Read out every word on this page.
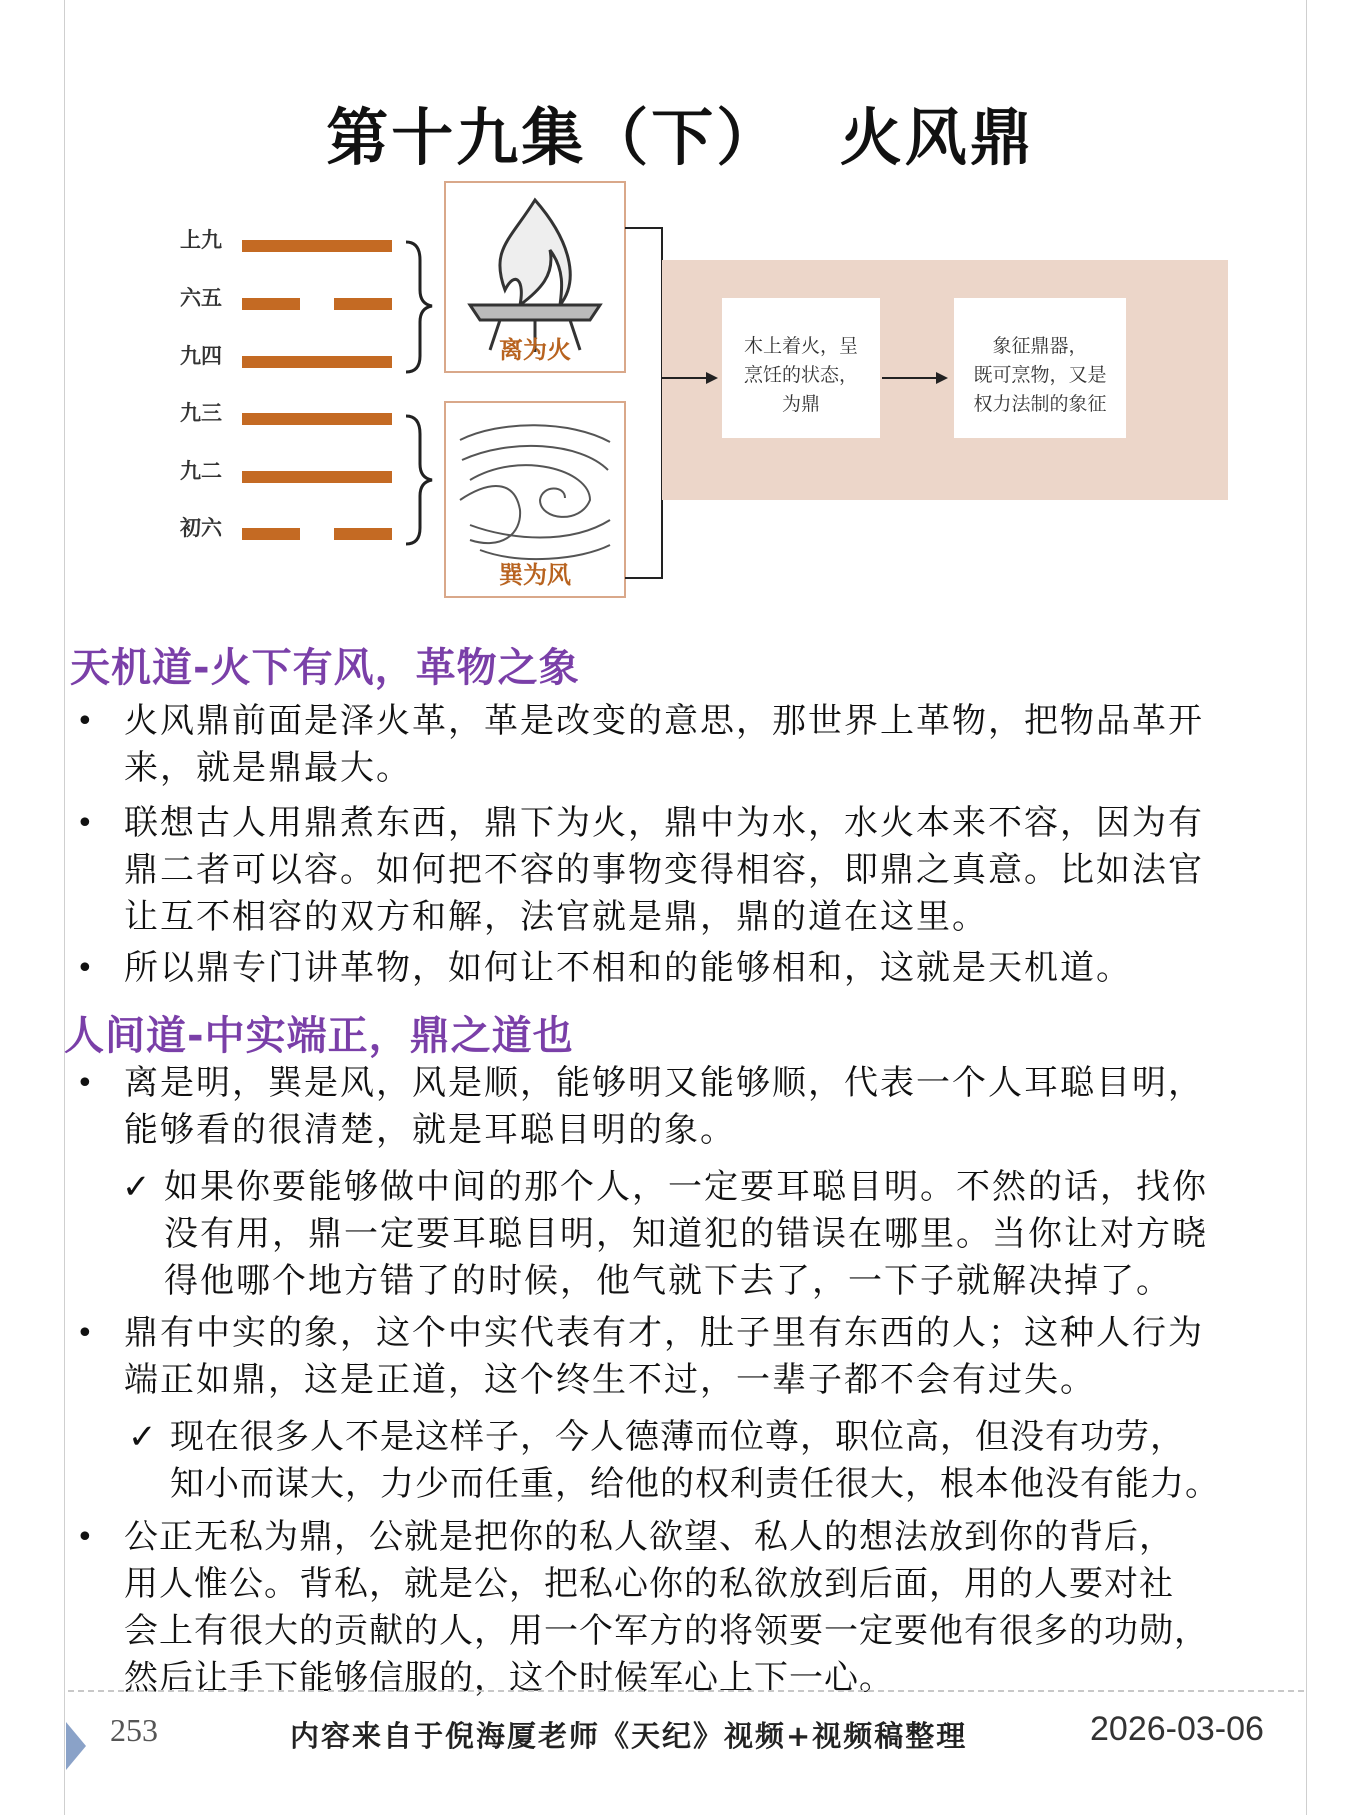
第十九集（下）　 火风鼎
上九
六五
九四
九三
九二
初六
离为火
巽为风
木上着火，呈
烹饪的状态，
为鼎
象征鼎器，
既可烹物，又是
权力法制的象征
天机道-火下有风，革物之象
• 火风鼎前面是泽火革，革是改变的意思，那世界上革物，把物品革开
来，就是鼎最大。
• 联想古人用鼎煮东西，鼎下为火，鼎中为水，水火本来不容，因为有
鼎二者可以容。如何把不容的事物变得相容，即鼎之真意。比如法官
让互不相容的双方和解，法官就是鼎，鼎的道在这里。
• 所以鼎专门讲革物，如何让不相和的能够相和，这就是天机道。
人间道-中实端正，鼎之道也
• 离是明，巽是风，风是顺，能够明又能够顺，代表一个人耳聪目明，
能够看的很清楚，就是耳聪目明的象。
✓ 如果你要能够做中间的那个人，一定要耳聪目明。不然的话，找你
没有用，鼎一定要耳聪目明，知道犯的错误在哪里。当你让对方晓
得他哪个地方错了的时候，他气就下去了，一下子就解决掉了。
• 鼎有中实的象，这个中实代表有才，肚子里有东西的人；这种人行为
端正如鼎，这是正道，这个终生不过，一辈子都不会有过失。
✓ 现在很多人不是这样子，今人德薄而位尊，职位高，但没有功劳，
知小而谋大，力少而任重，给他的权利责任很大，根本他没有能力。
• 公正无私为鼎，公就是把你的私人欲望、私人的想法放到你的背后，
用人惟公。背私，就是公，把私心你的私欲放到后面，用的人要对社
会上有很大的贡献的人，用一个军方的将领要一定要他有很多的功勋，
然后让手下能够信服的，这个时候军心上下一心。
253	内容来自于倪海厦老师《天纪》视频+视频稿整理	2026-03-06
